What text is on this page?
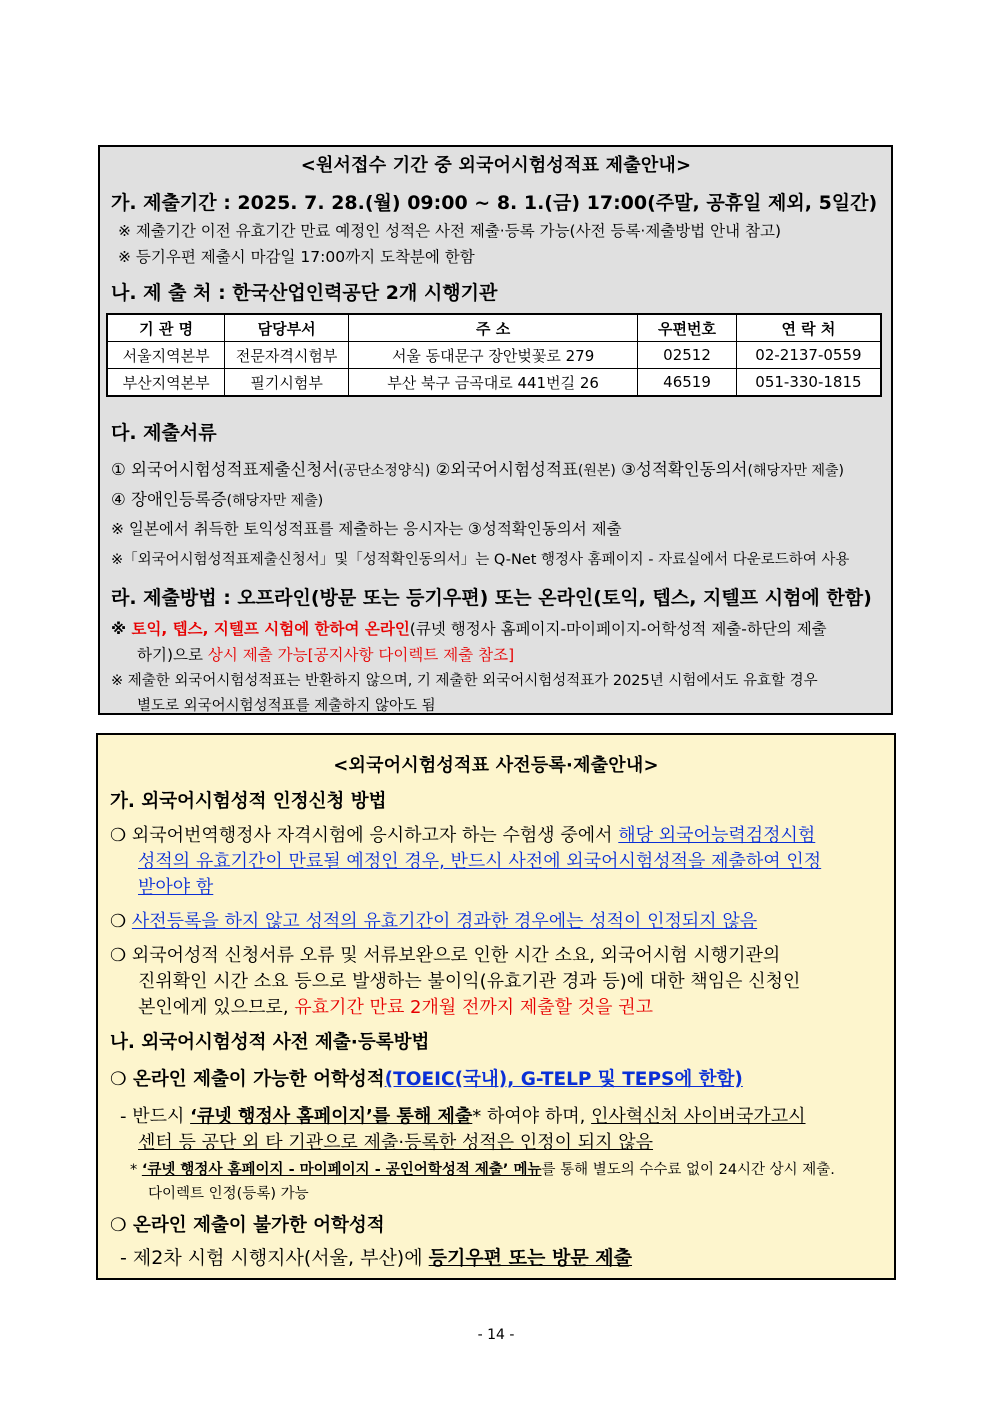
<원서접수 기간 중 외국어시험성적표 제출안내>
가. 제출기간 : 2025. 7. 28.(월) 09:00 ~ 8. 1.(금) 17:00(주말, 공휴일 제외, 5일간)
※ 제출기간 이전 유효기간 만료 예정인 성적은 사전 제출·등록 가능(사전 등록·제출방법 안내 참고)
※ 등기우편 제출시 마감일 17:00까지 도착분에 한함
나. 제 출 처 : 한국산업인력공단 2개 시행기관
기 관 명	담당부서	주 소	우편번호	연 락 처
서울지역본부	전문자격시험부	서울 동대문구 장안벚꽃로 279	02512	02-2137-0559
부산지역본부	필기시험부	부산 북구 금곡대로 441번길 26	46519	051-330-1815
다. 제출서류
① 외국어시험성적표제출신청서(공단소정양식) ②외국어시험성적표(원본) ③성적확인동의서(해당자만 제출)
④ 장애인등록증(해당자만 제출)
※ 일본에서 취득한 토익성적표를 제출하는 응시자는 ③성적확인동의서 제출
※「외국어시험성적표제출신청서」및「성적확인동의서」는 Q-Net 행정사 홈페이지 - 자료실에서 다운로드하여 사용
라. 제출방법 : 오프라인(방문 또는 등기우편) 또는 온라인(토익, 텝스, 지텔프 시험에 한함)
※ 토익, 텝스, 지텔프 시험에 한하여 온라인(큐넷 행정사 홈페이지-마이페이지-어학성적 제출-하단의 제출
하기)으로 상시 제출 가능[공지사항 다이렉트 제출 참조]
※ 제출한 외국어시험성적표는 반환하지 않으며, 기 제출한 외국어시험성적표가 2025년 시험에서도 유효할 경우
별도로 외국어시험성적표를 제출하지 않아도 됨
<외국어시험성적표 사전등록·제출안내>
가. 외국어시험성적 인정신청 방법
❍ 외국어번역행정사 자격시험에 응시하고자 하는 수험생 중에서 해당 외국어능력검정시험
성적의 유효기간이 만료될 예정인 경우, 반드시 사전에 외국어시험성적을 제출하여 인정
받아야 함
❍ 사전등록을 하지 않고 성적의 유효기간이 경과한 경우에는 성적이 인정되지 않음
❍ 외국어성적 신청서류 오류 및 서류보완으로 인한 시간 소요, 외국어시험 시행기관의
진위확인 시간 소요 등으로 발생하는 불이익(유효기관 경과 등)에 대한 책임은 신청인
본인에게 있으므로, 유효기간 만료 2개월 전까지 제출할 것을 권고
나. 외국어시험성적 사전 제출·등록방법
❍ 온라인 제출이 가능한 어학성적(TOEIC(국내), G-TELP 및 TEPS에 한함)
- 반드시 ‘큐넷 행정사 홈페이지’를 통해 제출* 하여야 하며, 인사혁신처 사이버국가고시
센터 등 공단 외 타 기관으로 제출·등록한 성적은 인정이 되지 않음
* ‘큐넷 행정사 홈페이지 - 마이페이지 - 공인어학성적 제출’ 메뉴를 통해 별도의 수수료 없이 24시간 상시 제출.
다이렉트 인정(등록) 가능
❍ 온라인 제출이 불가한 어학성적
- 제2차 시험 시행지사(서울, 부산)에 등기우편 또는 방문 제출
- 14 -
